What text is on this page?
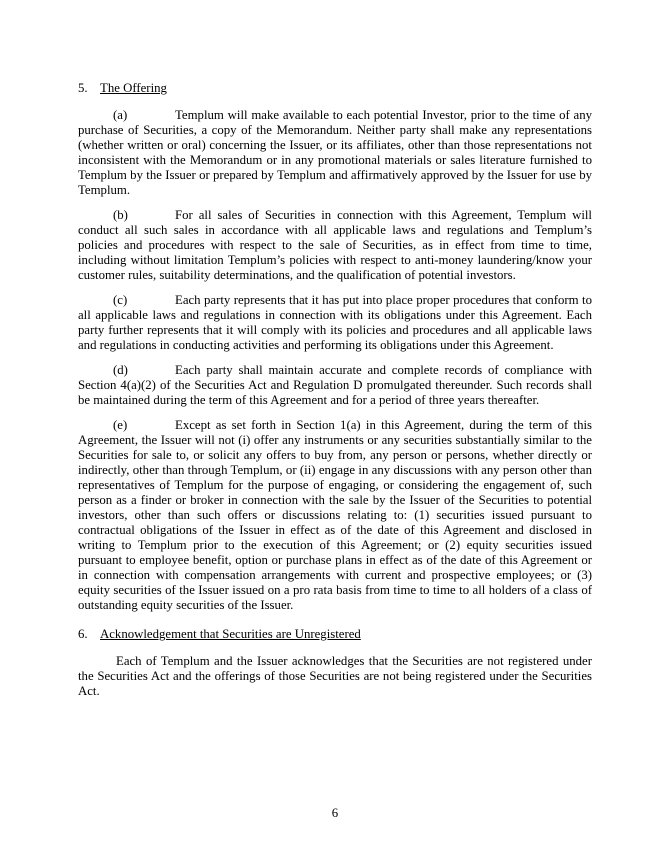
5. The Offering

(a)	Templum will make available to each potential Investor, prior to the time of any purchase of Securities, a copy of the Memorandum. Neither party shall make any representations (whether written or oral) concerning the Issuer, or its affiliates, other than those representations not inconsistent with the Memorandum or in any promotional materials or sales literature furnished to Templum by the Issuer or prepared by Templum and affirmatively approved by the Issuer for use by Templum.

(b)	For all sales of Securities in connection with this Agreement, Templum will conduct all such sales in accordance with all applicable laws and regulations and Templum’s policies and procedures with respect to the sale of Securities, as in effect from time to time, including without limitation Templum’s policies with respect to anti-money laundering/know your customer rules, suitability determinations, and the qualification of potential investors.

(c)	Each party represents that it has put into place proper procedures that conform to all applicable laws and regulations in connection with its obligations under this Agreement. Each party further represents that it will comply with its policies and procedures and all applicable laws and regulations in conducting activities and performing its obligations under this Agreement.

(d)	Each party shall maintain accurate and complete records of compliance with Section 4(a)(2) of the Securities Act and Regulation D promulgated thereunder. Such records shall be maintained during the term of this Agreement and for a period of three years thereafter.

(e)	Except as set forth in Section 1(a) in this Agreement, during the term of this Agreement, the Issuer will not (i) offer any instruments or any securities substantially similar to the Securities for sale to, or solicit any offers to buy from, any person or persons, whether directly or indirectly, other than through Templum, or (ii) engage in any discussions with any person other than representatives of Templum for the purpose of engaging, or considering the engagement of, such person as a finder or broker in connection with the sale by the Issuer of the Securities to potential investors, other than such offers or discussions relating to: (1) securities issued pursuant to contractual obligations of the Issuer in effect as of the date of this Agreement and disclosed in writing to Templum prior to the execution of this Agreement; or (2) equity securities issued pursuant to employee benefit, option or purchase plans in effect as of the date of this Agreement or in connection with compensation arrangements with current and prospective employees; or (3) equity securities of the Issuer issued on a pro rata basis from time to time to all holders of a class of outstanding equity securities of the Issuer.

6. Acknowledgement that Securities are Unregistered

Each of Templum and the Issuer acknowledges that the Securities are not registered under the Securities Act and the offerings of those Securities are not being registered under the Securities Act.

6
